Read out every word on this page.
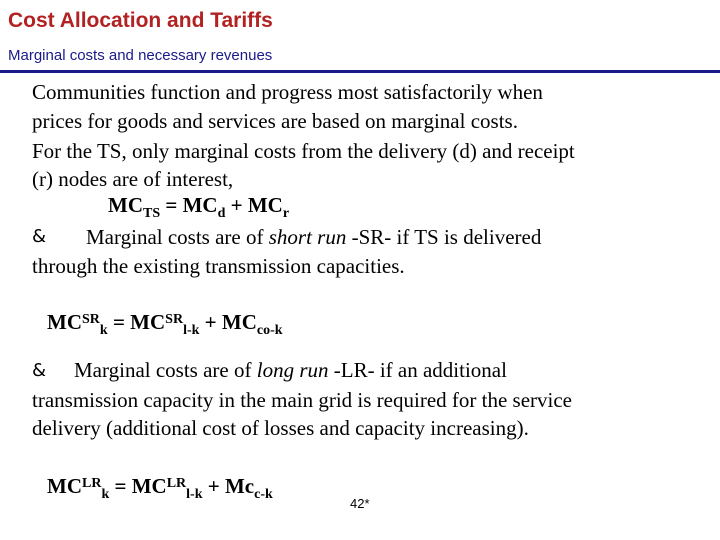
Cost Allocation and Tariffs
Marginal costs and necessary revenues
Communities function and progress most satisfactorily when
prices for goods and services are based on marginal costs.
For the TS, only marginal costs from the delivery (d) and receipt
(r) nodes are of interest,
$MC_{TS} = MC_d + MC_r$
& Marginal costs are of short run -SR- if TS is delivered
through the existing transmission capacities.
$MC^{SR}_k = MC^{SR}_{l-k} + MC_{co-k}$
& Marginal costs are of long run -LR- if an additional
transmission capacity in the main grid is required for the service
delivery (additional cost of losses and capacity increasing).
$MC^{LR}_k = MC^{LR}_{l-k} + Mc_{c-k}$
42*
